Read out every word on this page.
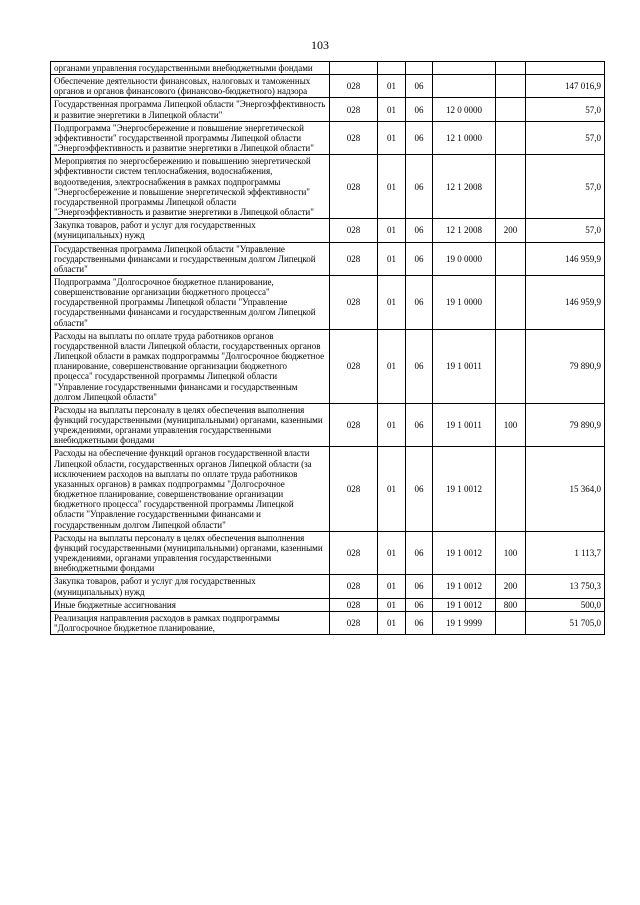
103
органами управления государственными внебюджетными фондами						
Обеспечение деятельности финансовых, налоговых и таможенных органов и органов финансового (финансово-бюджетного) надзора	028	01	06			147 016,9
Государственная программа Липецкой области "Энергоэффективность и развитие энергетики в Липецкой области"	028	01	06	12 0 0000		57,0
Подпрограмма "Энергосбережение и повышение энергетической эффективности" государственной программы Липецкой области "Энергоэффективность и развитие энергетики в Липецкой области"	028	01	06	12 1 0000		57,0
Мероприятия по энергосбережению и повышению энергетической эффективности систем теплоснабжения, водоснабжения, водоотведения, электроснабжения в рамках подпрограммы "Энергосбережение и повышение энергетической эффективности" государственной программы Липецкой области "Энергоэффективность и развитие энергетики в Липецкой области"	028	01	06	12 1 2008		57,0
Закупка товаров, работ и услуг для государственных (муниципальных) нужд	028	01	06	12 1 2008	200	57,0
Государственная программа Липецкой области "Управление государственными финансами и государственным долгом Липецкой области"	028	01	06	19 0 0000		146 959,9
Подпрограмма "Долгосрочное бюджетное планирование, совершенствование организации бюджетного процесса" государственной программы Липецкой области "Управление государственными финансами и государственным долгом Липецкой области"	028	01	06	19 1 0000		146 959,9
Расходы на выплаты по оплате труда работников органов государственной власти Липецкой области, государственных органов Липецкой области в рамках подпрограммы "Долгосрочное бюджетное планирование, совершенствование организации бюджетного процесса" государственной программы Липецкой области "Управление государственными финансами и государственным долгом Липецкой области"	028	01	06	19 1 0011		79 890,9
Расходы на выплаты персоналу в целях обеспечения выполнения функций государственными (муниципальными) органами, казенными учреждениями, органами управления государственными внебюджетными фондами	028	01	06	19 1 0011	100	79 890,9
Расходы на обеспечение функций органов государственной власти Липецкой области, государственных органов Липецкой области (за исключением расходов на выплаты по оплате труда работников указанных органов) в рамках подпрограммы "Долгосрочное бюджетное планирование, совершенствование организации бюджетного процесса" государственной программы Липецкой области "Управление государственными финансами и государственным долгом Липецкой области"	028	01	06	19 1 0012		15 364,0
Расходы на выплаты персоналу в целях обеспечения выполнения функций государственными (муниципальными) органами, казенными учреждениями, органами управления государственными внебюджетными фондами	028	01	06	19 1 0012	100	1 113,7
Закупка товаров, работ и услуг для государственных (муниципальных) нужд	028	01	06	19 1 0012	200	13 750,3
Иные бюджетные ассигнования	028	01	06	19 1 0012	800	500,0
Реализация направления расходов в рамках подпрограммы "Долгосрочное бюджетное планирование,	028	01	06	19 1 9999		51 705,0
